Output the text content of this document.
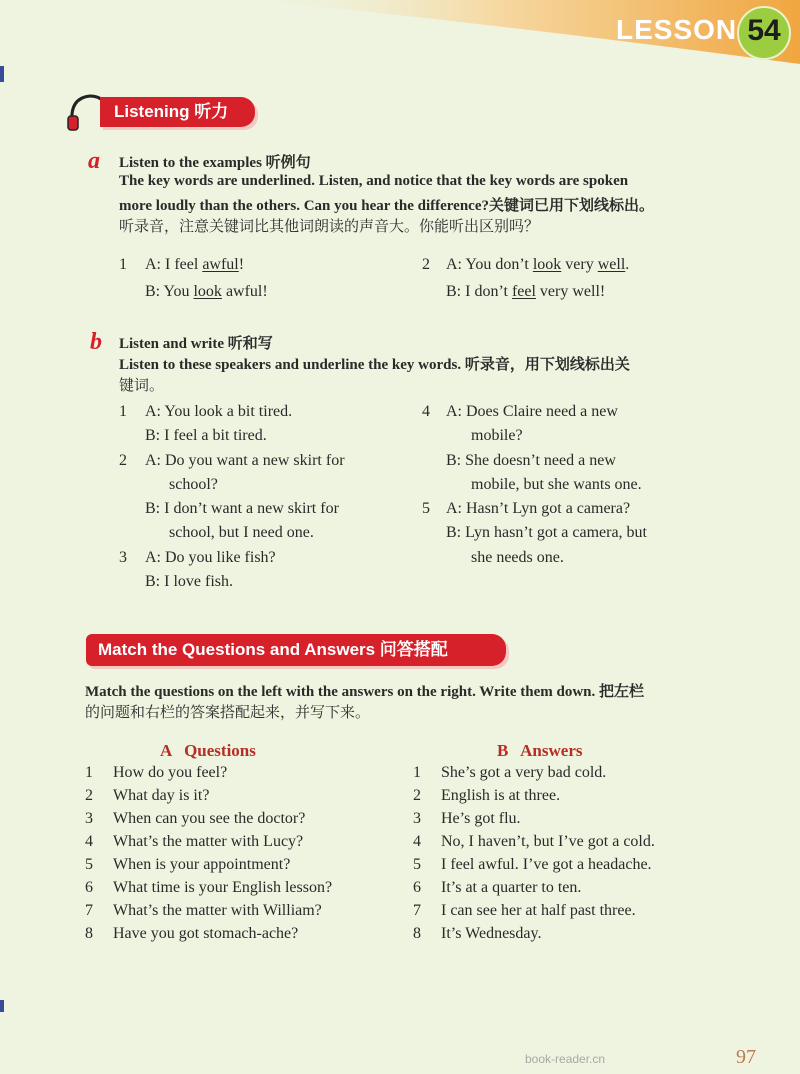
LESSON 54
Listening 听力
a Listen to the examples 听例句
The key words are underlined. Listen, and notice that the key words are spoken
more loudly than the others. Can you hear the difference?关键词已用下划线标出。
听录音，注意关键词比其他词朗读的声音大。你能听出区别吗？
1 A: I feel awful!
B: You look awful!
2 A: You don’t look very well.
B: I don’t feel very well!
b Listen and write 听和写
Listen to these speakers and underline the key words. 听录音，用下划线标出关
键词。
1 A: You look a bit tired.
B: I feel a bit tired.
2 A: Do you want a new skirt for
school?
B: I don’t want a new skirt for
school, but I need one.
3 A: Do you like fish?
B: I love fish.
4 A: Does Claire need a new
mobile?
B: She doesn’t need a new
mobile, but she wants one.
5 A: Hasn’t Lyn got a camera?
B: Lyn hasn’t got a camera, but
she needs one.
Match the Questions and Answers 问答搭配
Match the questions on the left with the answers on the right. Write them down. 把左栏
的问题和右栏的答案搭配起来，并写下来。
A   Questions	B   Answers
1 How do you feel?
2 What day is it?
3 When can you see the doctor?
4 What’s the matter with Lucy?
5 When is your appointment?
6 What time is your English lesson?
7 What’s the matter with William?
8 Have you got stomach-ache?
1 She’s got a very bad cold.
2 English is at three.
3 He’s got flu.
4 No, I haven’t, but I’ve got a cold.
5 I feel awful. I’ve got a headache.
6 It’s at a quarter to ten.
7 I can see her at half past three.
8 It’s Wednesday.
book-reader.cn	97
